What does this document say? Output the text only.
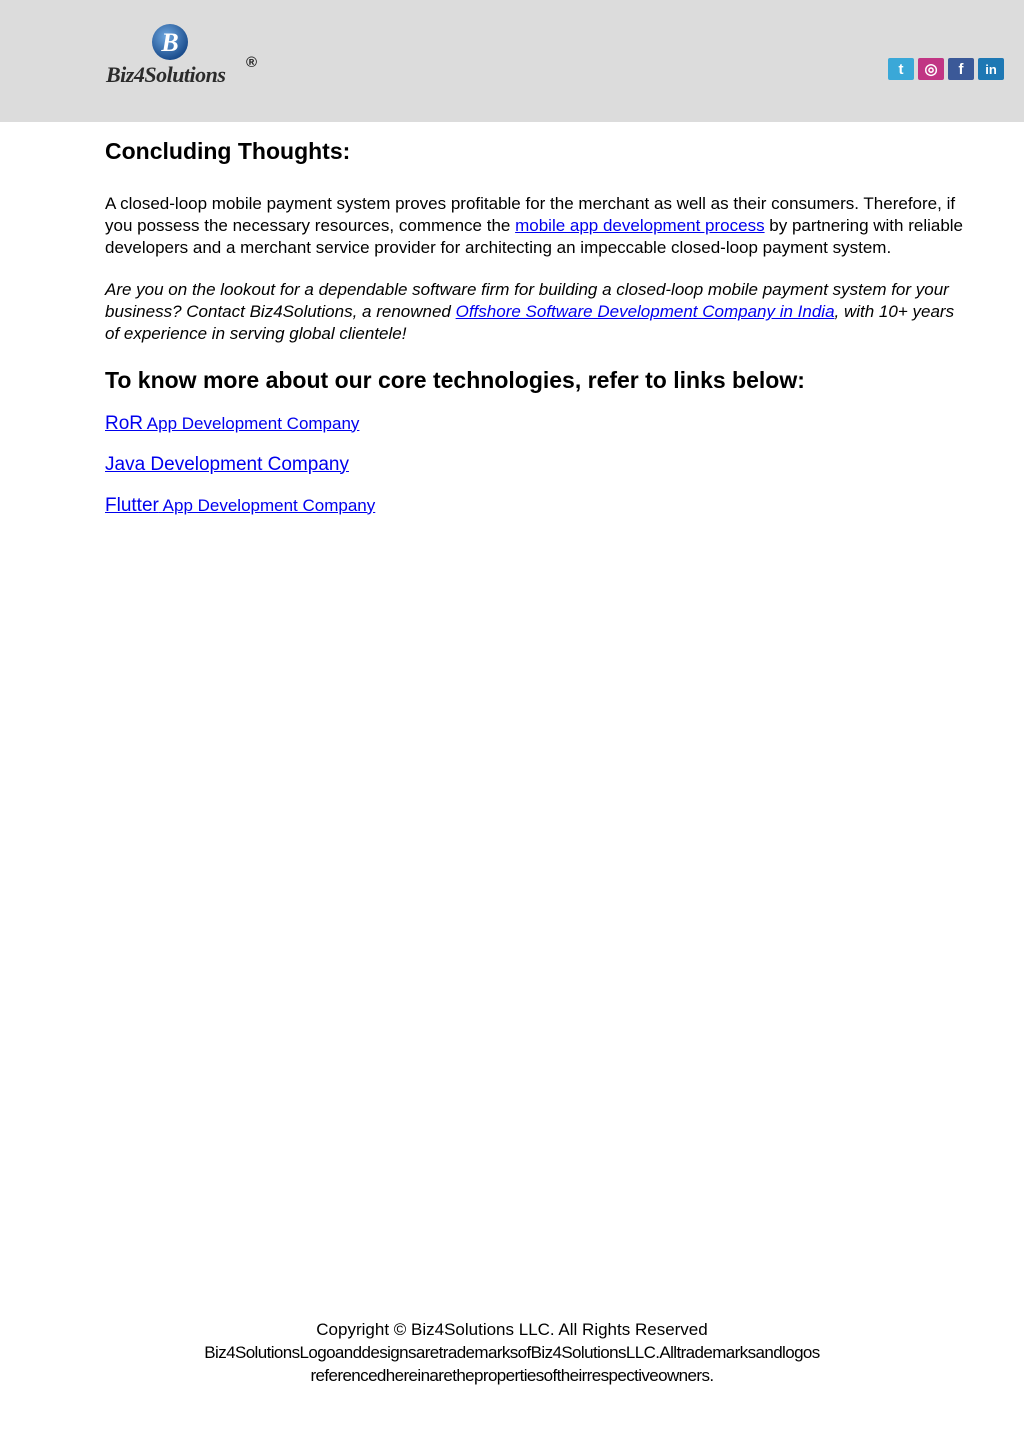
B
Biz4Solutions ®	t	◎	f	in
Concluding Thoughts:

A closed-loop mobile payment system proves profitable for the merchant as well as their consumers. Therefore, if you possess the necessary resources, commence the mobile app development process by partnering with reliable developers and a merchant service provider for architecting an impeccable closed-loop payment system.

Are you on the lookout for a dependable software firm for building a closed-loop mobile payment system for your business? Contact Biz4Solutions, a renowned Offshore Software Development Company in India, with 10+ years of experience in serving global clientele!

To know more about our core technologies, refer to links below:
RoR App Development Company
Java Development Company
Flutter App Development Company
Copyright © Biz4Solutions LLC. All Rights Reserved
Biz4SolutionsLogoanddesignsaretrademarksofBiz4SolutionsLLC.Alltrademarksandlogos
referencedhereinarethepropertiesoftheirrespectiveowners.
